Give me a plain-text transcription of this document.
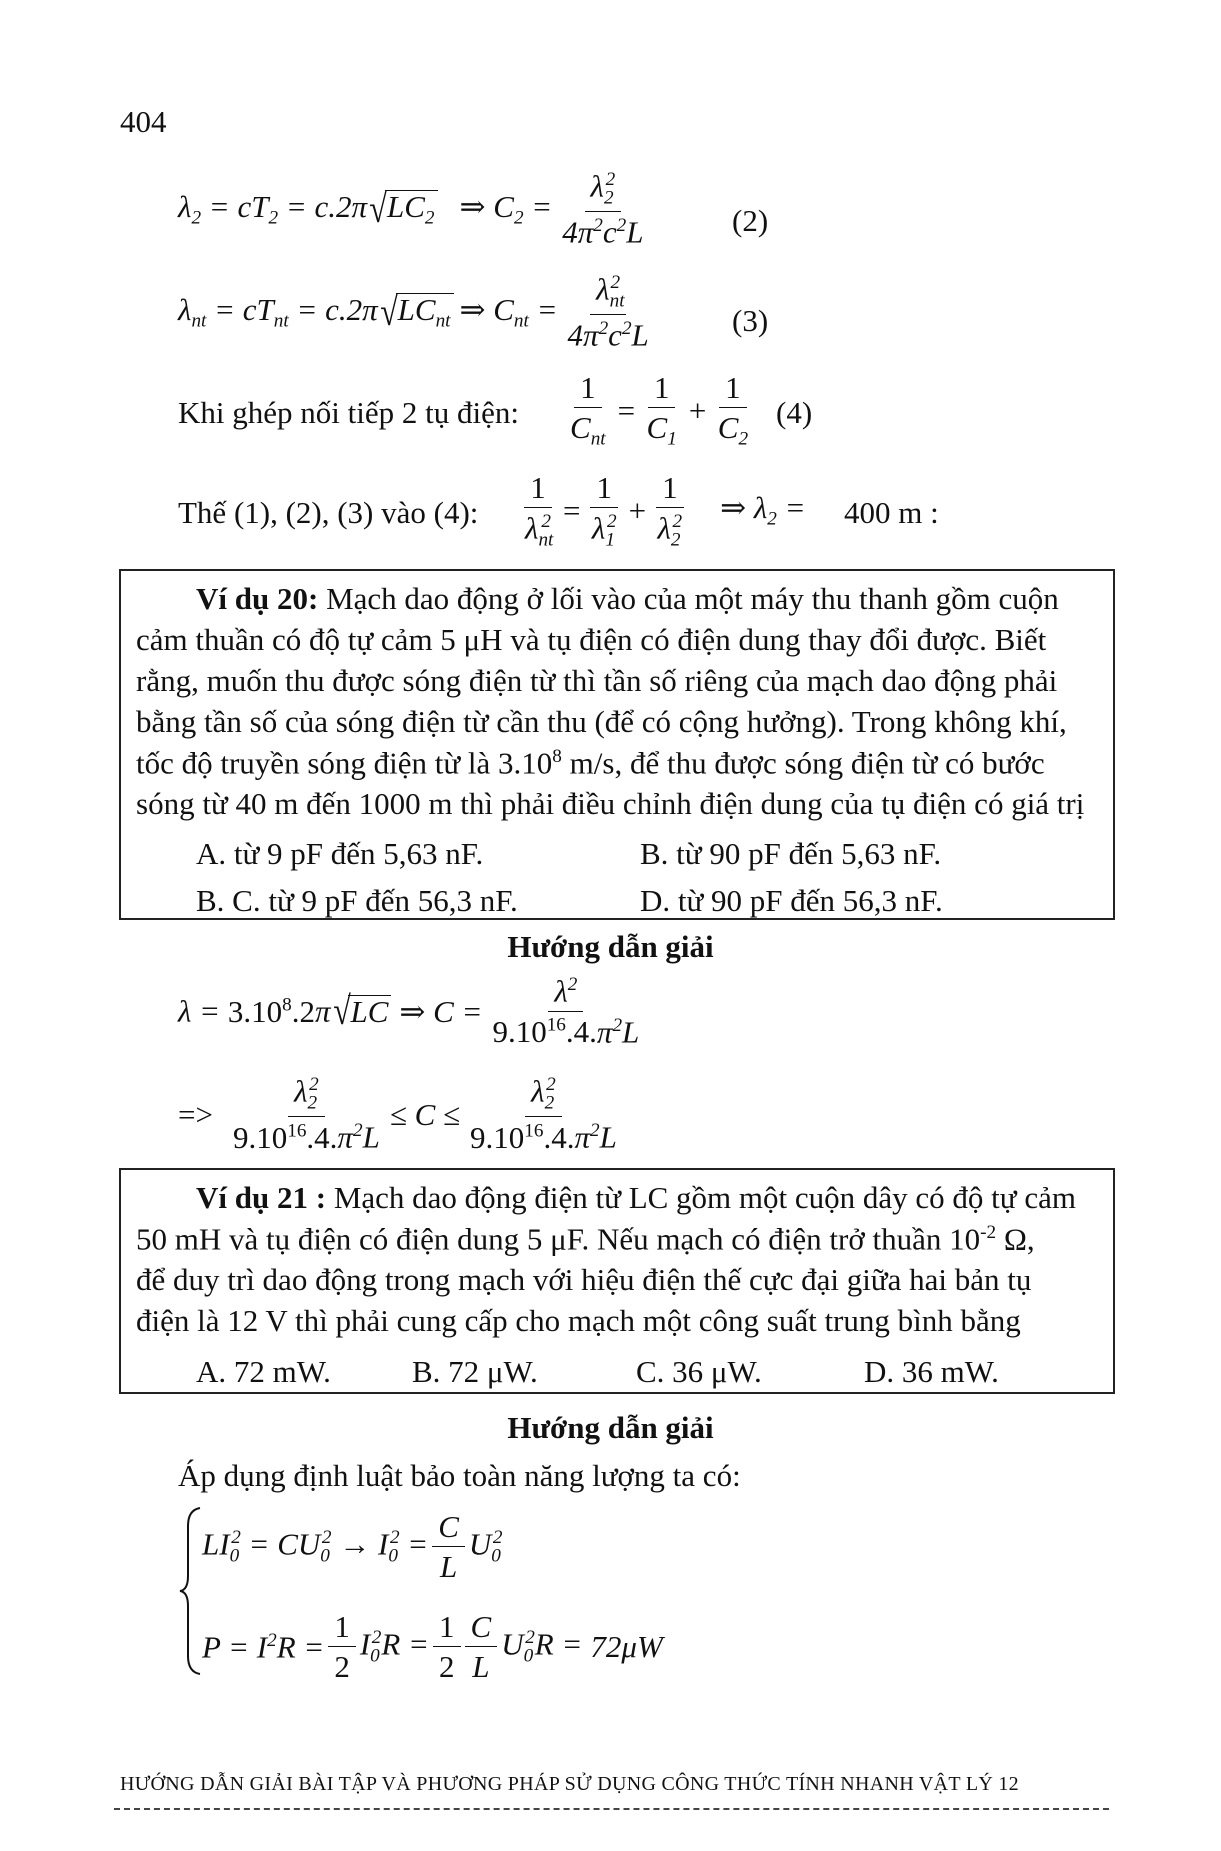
404
$\lambda_2 = cT_2 = c.2\pi$ √ $LC_2$ ⇒ $C_2 = \frac{\lambda_2^2}{4\pi^2c^2L}$	(2)
$\lambda_{nt} = cT_{nt} = c.2\pi$ √ $LC_{nt}$ ⇒ $C_{nt} = \frac{\lambda_{nt}^2}{4\pi^2c^2L} (3)$
Khi ghép nối tiếp 2 tụ điện: $\frac{1}{C_{nt}} = \frac{1}{C_1} + \frac{1}{C_2} (4)$
Thế (1), (2), (3) vào (4): $\frac{1}{\lambda_{nt}^2} = \frac{1}{\lambda_1^2} + \frac{1}{\lambda_2^2}$ ⇒ $\lambda_2 = 400$ m :
Ví dụ 20: Mạch dao động ở lối vào của một máy thu thanh gồm cuộn
cảm thuần có độ tự cảm 5 μH và tụ điện có điện dung thay đổi được. Biết
rằng, muốn thu được sóng điện từ thì tần số riêng của mạch dao động phải
bằng tần số của sóng điện từ cần thu (để có cộng hưởng). Trong không khí,
tốc độ truyền sóng điện từ là 3.10$^8$ m/s, để thu được sóng điện từ có bước
sóng từ 40 m đến 1000 m thì phải điều chỉnh điện dung của tụ điện có giá trị
A. từ 9 pF đến 5,63 nF.	B. từ 90 pF đến 5,63 nF.
B. C. từ 9 pF đến 56,3 nF.	D. từ 90 pF đến 56,3 nF.
Hướng dẫn giải
$\lambda = 3.10^8.2\pi$ √ LC ⇒ $C = \frac{\lambda^2}{9.10^{16}.4.\pi^2L}$
=> $\frac{\lambda_2^2}{9.10^{16}.4.\pi^2L} \le C \le \frac{\lambda_2^2}{9.10^{16}.4.\pi^2L}$
Ví dụ 21 : Mạch dao động điện từ LC gồm một cuộn dây có độ tự cảm
50 mH và tụ điện có điện dung 5 μF. Nếu mạch có điện trở thuần $10^{-2}$ Ω,
để duy trì dao động trong mạch với hiệu điện thế cực đại giữa hai bản tụ
điện là 12 V thì phải cung cấp cho mạch một công suất trung bình bằng
A. 72 mW.	B. 72 μW.	C. 36 μW.	D. 36 mW.
Hướng dẫn giải
Áp dụng định luật bảo toàn năng lượng ta có:
$LI_0^2 = CU_0^2 \to I_0^2 = \frac{C}{L} U_0^2$
$P = I^2R = \frac{1}{2} I_0^2R = \frac{1}{2} \frac{C}{L} U_0^2R = 72\mu W$
HƯỚNG DẪN GIẢI BÀI TẬP VÀ PHƯƠNG PHÁP SỬ DỤNG CÔNG THỨC TÍNH NHANH VẬT LÝ 12
